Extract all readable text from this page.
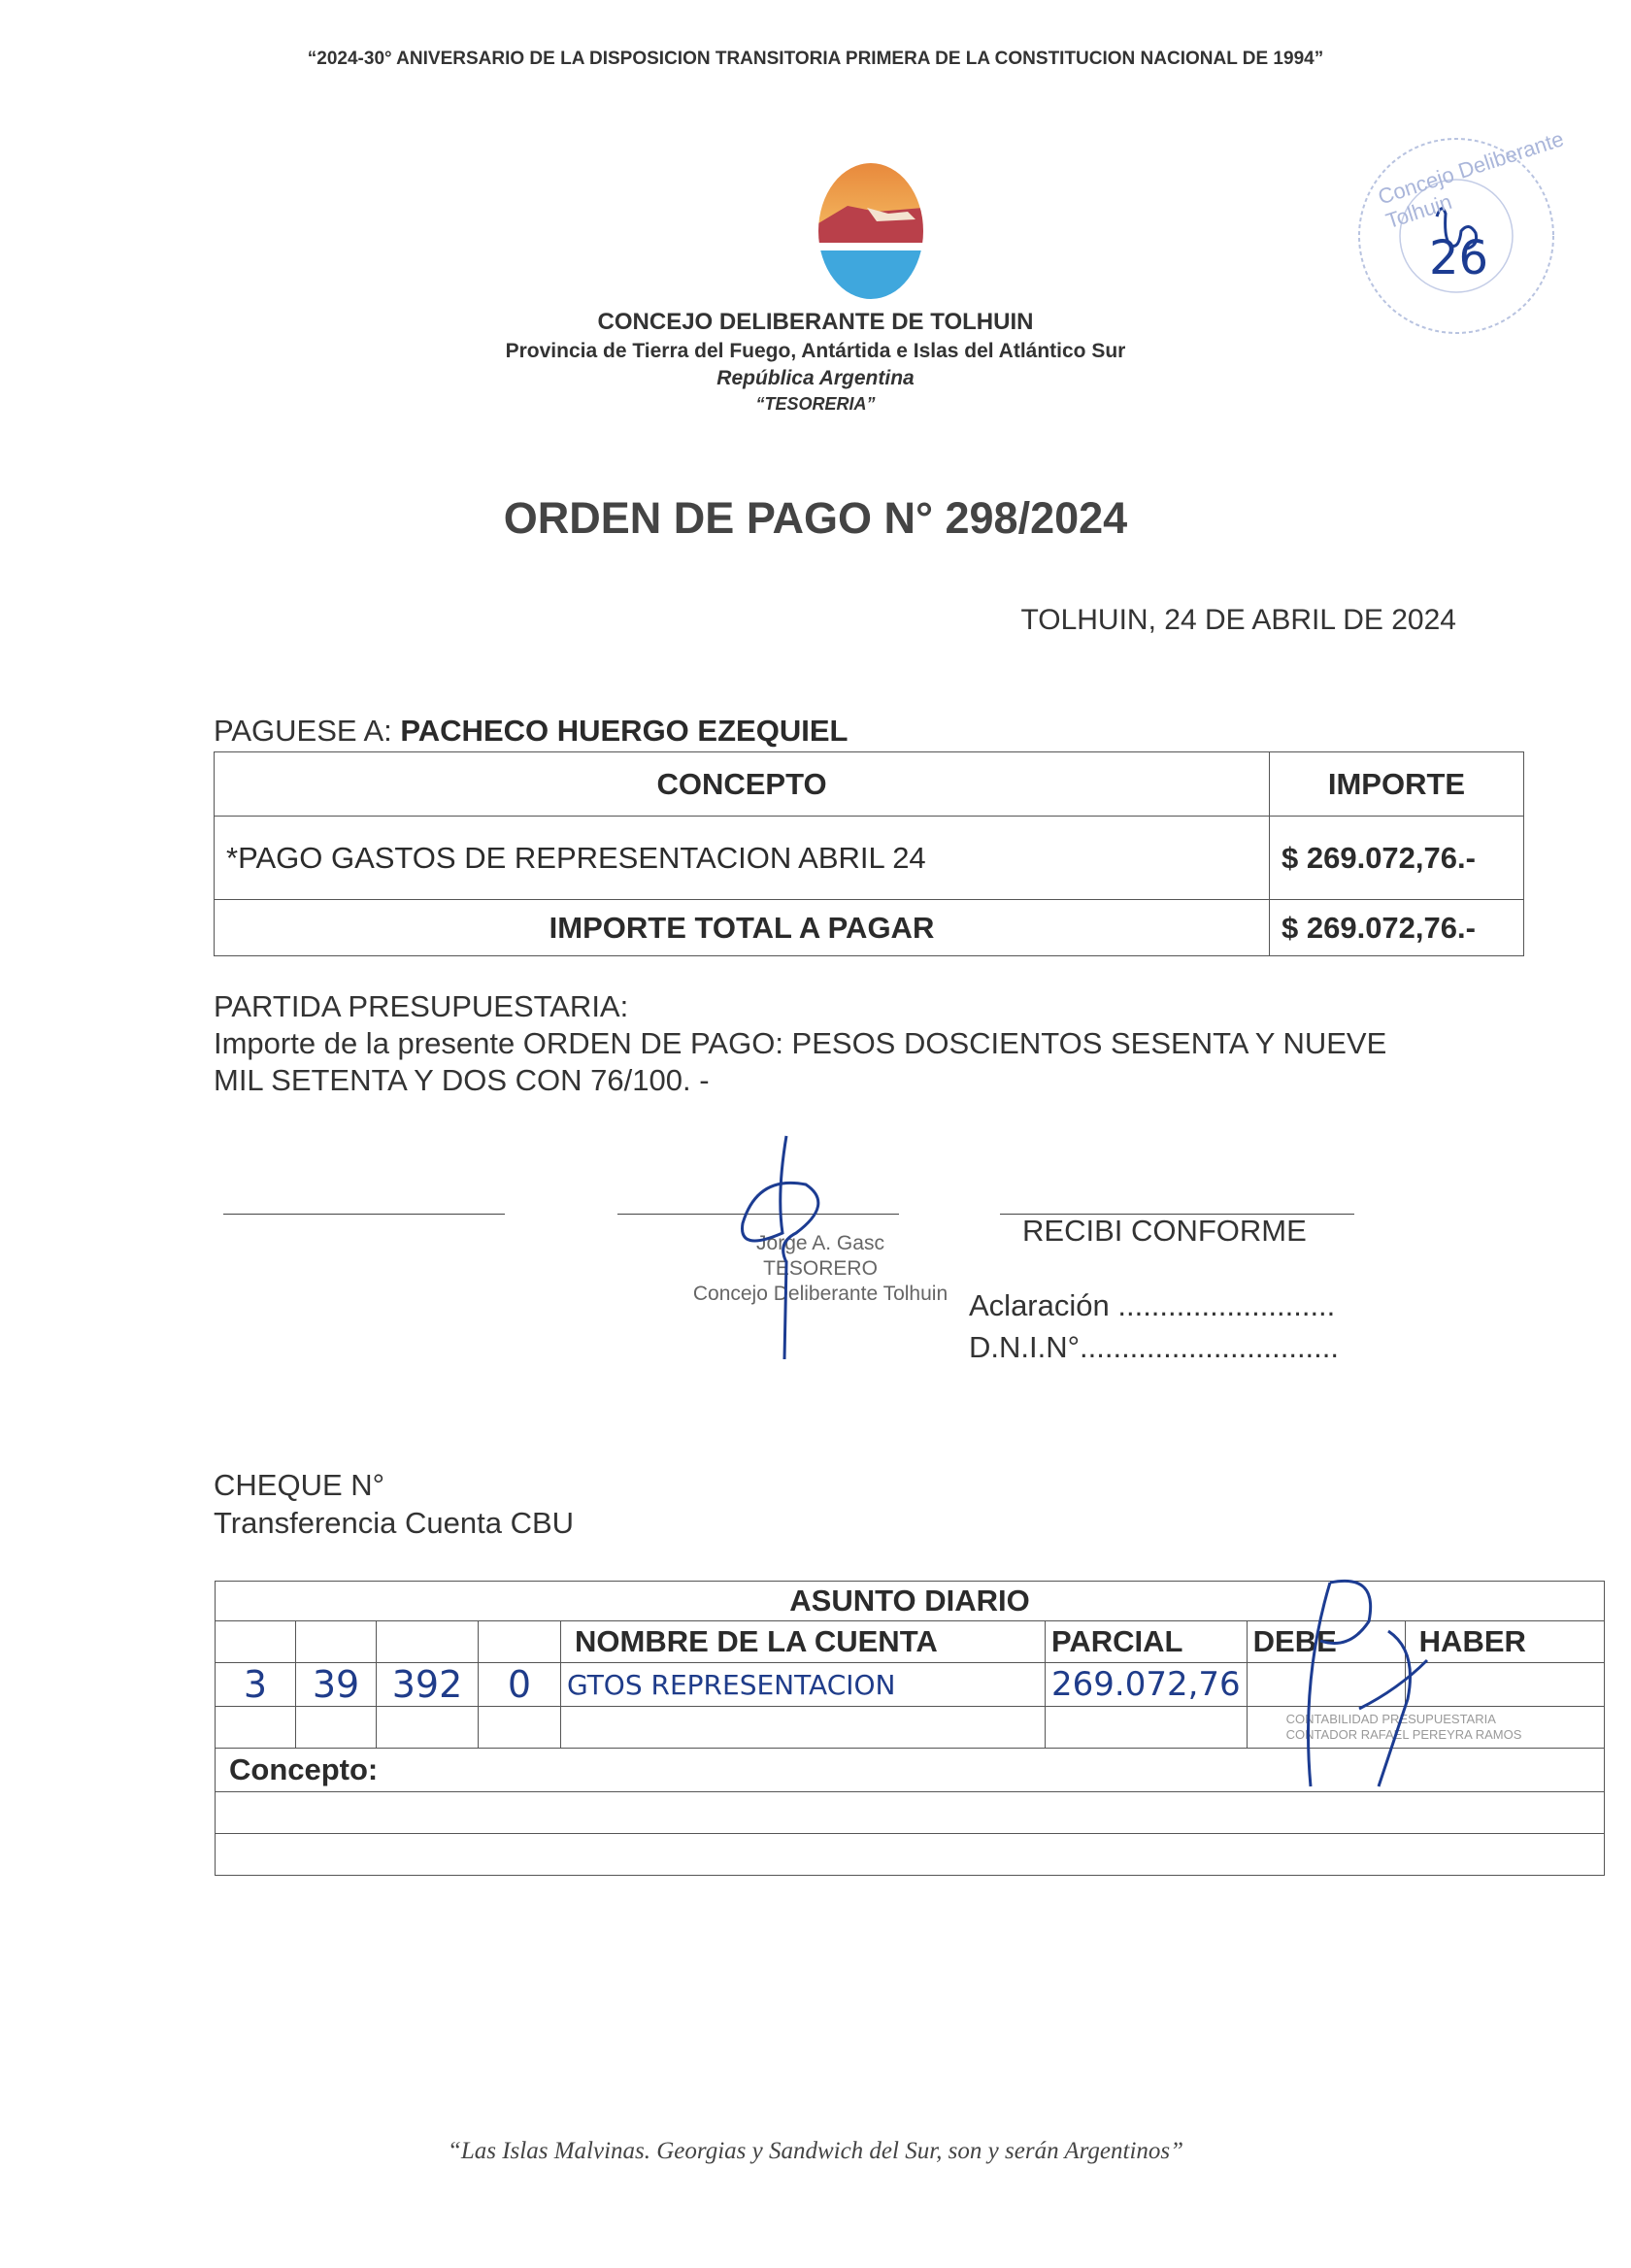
“2024-30° ANIVERSARIO DE LA DISPOSICION TRANSITORIA PRIMERA DE LA CONSTITUCION NACIONAL DE 1994”
CONCEJO DELIBERANTE DE TOLHUIN
Provincia de Tierra del Fuego, Antártida e Islas del Atlántico Sur
República Argentina
“TESORERIA”
Concejo Deliberante Tolhuin
26
ORDEN DE PAGO N° 298/2024
TOLHUIN, 24 DE ABRIL DE 2024
PAGUESE A: PACHECO HUERGO EZEQUIEL
CONCEPTO	IMPORTE
*PAGO GASTOS DE REPRESENTACION ABRIL 24	$ 269.072,76.-
IMPORTE TOTAL A PAGAR	$ 269.072,76.-
PARTIDA PRESUPUESTARIA:
Importe de la presente ORDEN DE PAGO: PESOS DOSCIENTOS SESENTA Y NUEVE
MIL SETENTA Y DOS CON 76/100. -
Jorge A. Gasc
TESORERO
Concejo Deliberante Tolhuin
RECIBI CONFORME
Aclaración ..........................
D.N.I.N°...............................
CHEQUE N°
Transferencia Cuenta CBU
ASUNTO DIARIO							
				NOMBRE DE LA CUENTA	PARCIAL	DEBE	HABER
3	39	392	0	GTOS REPRESENTACION	269.072,76		

						CONTABILIDAD PRESUPUESTARIA
CONTADOR RAFAEL PEREYRA RAMOS	

Concepto:							

“Las Islas Malvinas. Georgias y Sandwich del Sur, son y serán Argentinos”
